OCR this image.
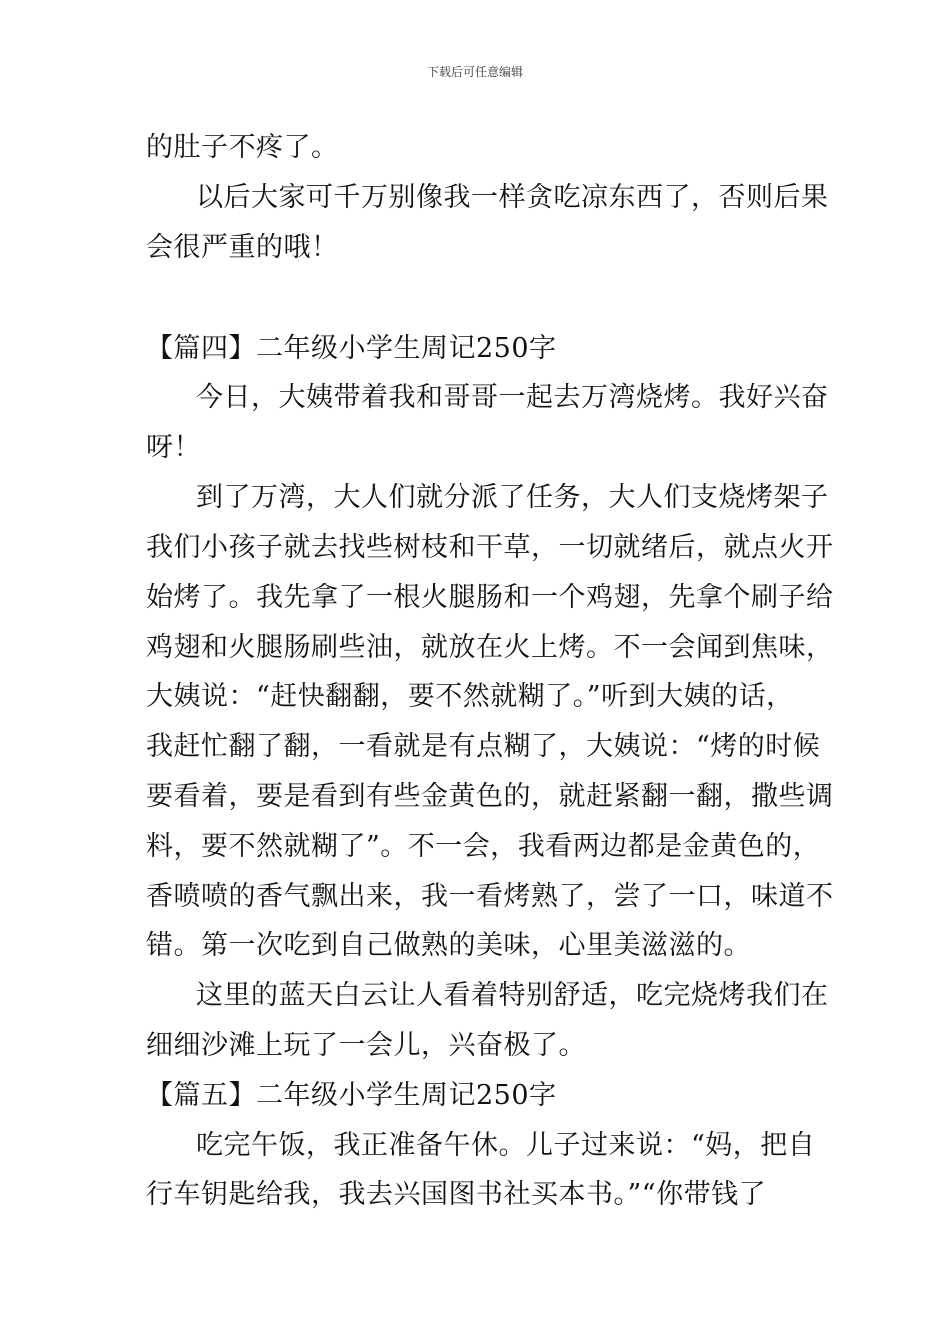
下载后可任意编辑
的肚子不疼了。
以后大家可千万别像我一样贪吃凉东西了，否则后果
会很严重的哦！
【篇四】二年级小学生周记250字
今日，大姨带着我和哥哥一起去万湾烧烤。我好兴奋
呀！
到了万湾，大人们就分派了任务，大人们支烧烤架子
我们小孩子就去找些树枝和干草，一切就绪后，就点火开
始烤了。我先拿了一根火腿肠和一个鸡翅，先拿个刷子给
鸡翅和火腿肠刷些油，就放在火上烤。不一会闻到焦味，
大姨说：“赶快翻翻，要不然就糊了。”听到大姨的话，
我赶忙翻了翻，一看就是有点糊了，大姨说：“烤的时候
要看着，要是看到有些金黄色的，就赶紧翻一翻，撒些调
料，要不然就糊了”。不一会，我看两边都是金黄色的，
香喷喷的香气飘出来，我一看烤熟了，尝了一口，味道不
错。第一次吃到自己做熟的美味，心里美滋滋的。
这里的蓝天白云让人看着特别舒适，吃完烧烤我们在
细细沙滩上玩了一会儿，兴奋极了。
【篇五】二年级小学生周记250字
吃完午饭，我正准备午休。儿子过来说：“妈，把自
行车钥匙给我，我去兴国图书社买本书。”“你带钱了
